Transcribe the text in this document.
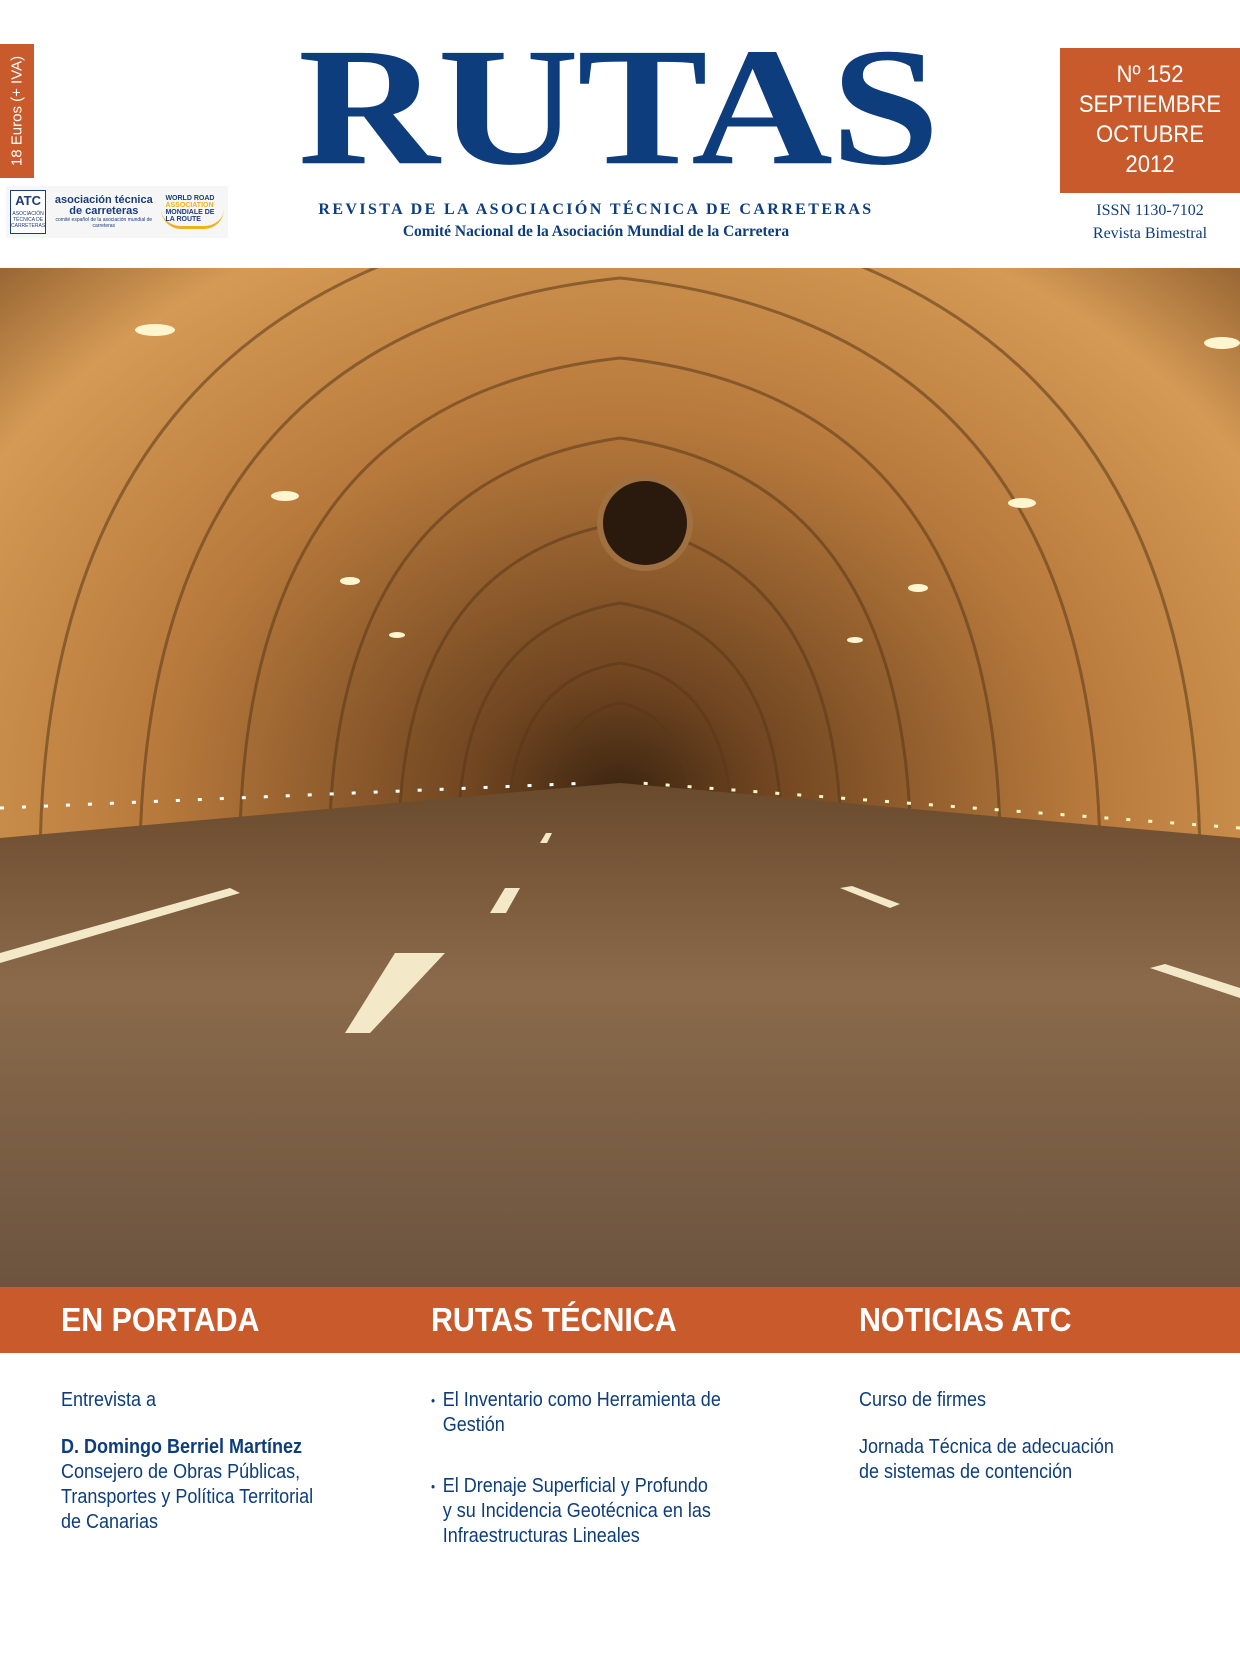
18 Euros (+ IVA)
ATC
ASOCIACIÓN TÉCNICA DE CARRETERAS
asociación técnica de carreteras
comité español de la asociación mundial de carreteras
WORLD ROAD
ASSOCIATION
MONDIALE DE LA ROUTE
RUTAS
REVISTA DE LA ASOCIACIÓN TÉCNICA DE CARRETERAS
Comité Nacional de la Asociación Mundial de la Carretera
Nº 152
SEPTIEMBRE
OCTUBRE
2012
ISSN 1130-7102
Revista Bimestral
EN PORTADA	RUTAS TÉCNICA	NOTICIAS ATC

Entrevista a

D. Domingo Berriel Martínez
Consejero de Obras Públicas,
Transportes y Política Territorial
de Canarias
• El Inventario como Herramienta de
Gestión
• El Drenaje Superficial y Profundo
y su Incidencia Geotécnica en las
Infraestructuras Lineales

Curso de firmes

Jornada Técnica de adecuación
de sistemas de contención
